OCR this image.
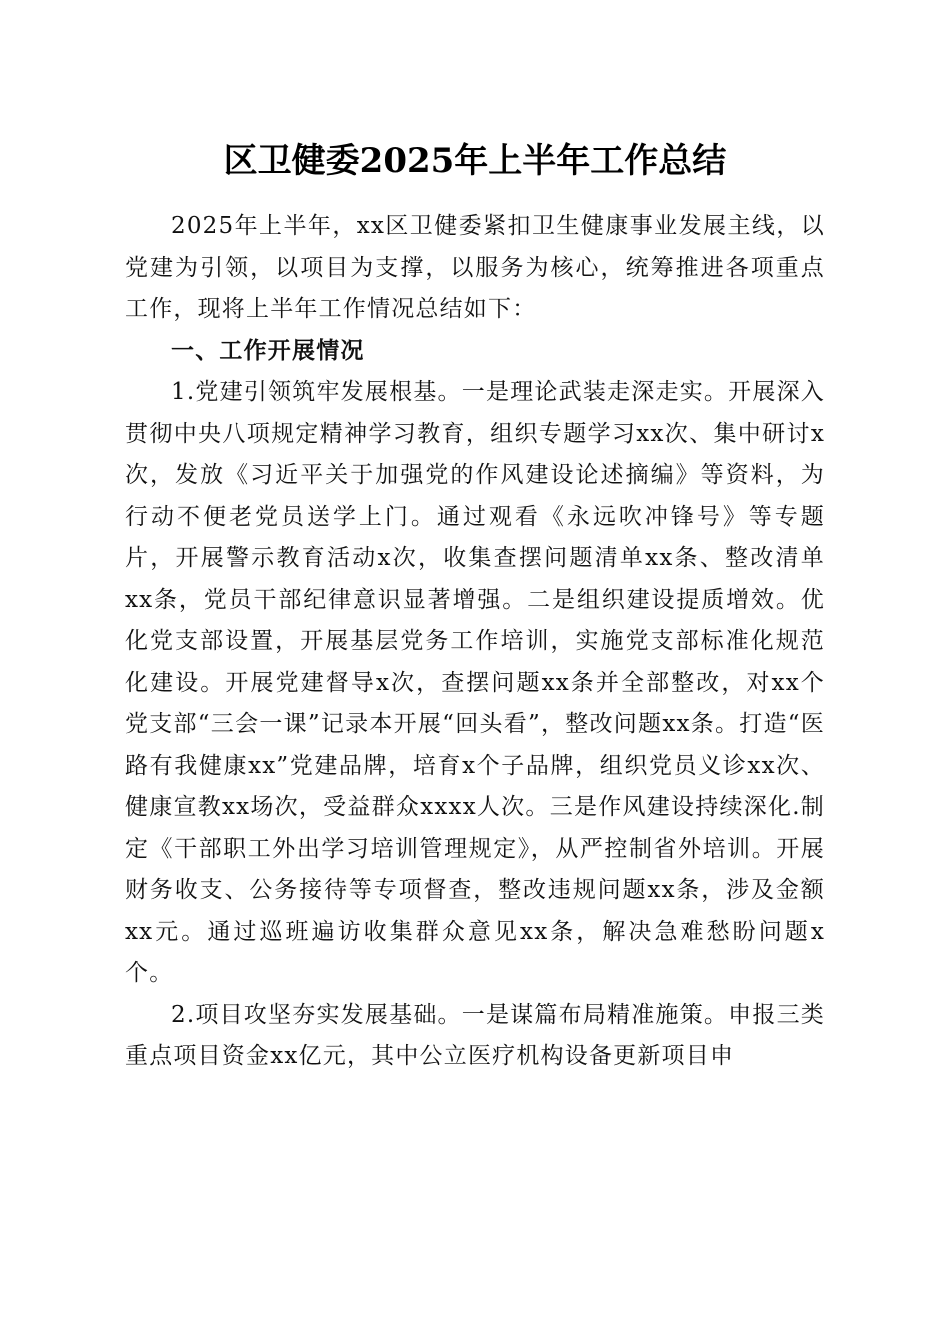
区卫健委2025年上半年工作总结

2025年上半年，xx区卫健委紧扣卫生健康事业发展主线，以党建为引领，以项目为支撑，以服务为核心，统筹推进各项重点工作，现将上半年工作情况总结如下：

一、工作开展情况

1.党建引领筑牢发展根基。一是理论武装走深走实。开展深入贯彻中央八项规定精神学习教育，组织专题学习xx次、集中研讨x次，发放《习近平关于加强党的作风建设论述摘编》等资料，为行动不便老党员送学上门。通过观看《永远吹冲锋号》等专题片，开展警示教育活动x次，收集查摆问题清单xx条、整改清单xx条，党员干部纪律意识显著增强。二是组织建设提质增效。优化党支部设置，开展基层党务工作培训，实施党支部标准化规范化建设。开展党建督导x次，查摆问题xx条并全部整改，对xx个党支部“三会一课”记录本开展“回头看”，整改问题xx条。打造“医路有我健康xx”党建品牌，培育x个子品牌，组织党员义诊xx次、健康宣教xx场次，受益群众xxxx人次。三是作风建设持续深化.制定《干部职工外出学习培训管理规定》，从严控制省外培训。开展财务收支、公务接待等专项督查，整改违规问题xx条，涉及金额xx元。通过巡班遍访收集群众意见xx条，解决急难愁盼问题x个。

2.项目攻坚夯实发展基础。一是谋篇布局精准施策。申报三类重点项目资金xx亿元，其中公立医疗机构设备更新项目申
